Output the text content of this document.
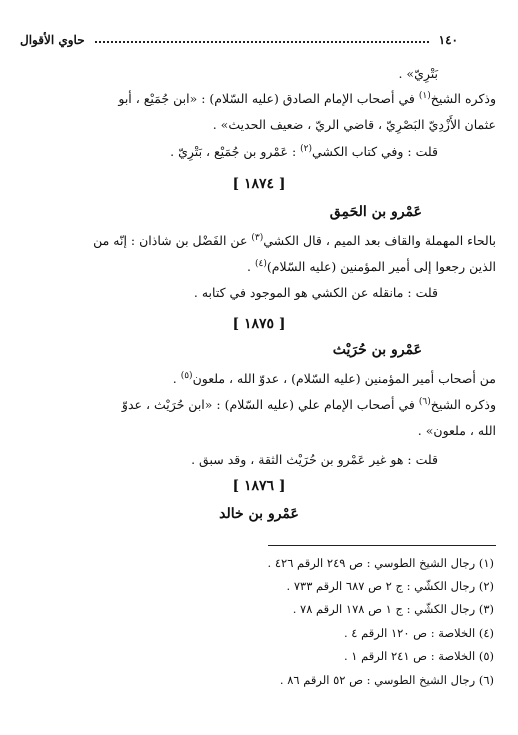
١٤٠
حاوي الأقوال
بَتْرِيّ» .
وذكره الشيخ$^{(١)}$ في أصحاب الإمام الصادق (عليه السّلام) : «ابن جُمَيْع ، أبو
عثمان الأَزْدِيّ البَصْرِيّ ، قاضي الريّ ، ضعيف الحديث» .
قلت : وفي كتاب الكشي$^{(٢)}$ : عَمْرو بن جُمَيْع ، بَتْرِيّ .
[ ١٨٧٤ ]
عَمْرو بن الحَمِق
بالحاء المهملة والقاف بعد الميم ، قال الكشي$^{(٣)}$ عن الفَضْل بن شاذان : إنّه من
الذين رجعوا إلى أمير المؤمنين (عليه السّلام)$^{(٤)}$ .
قلت : مانقله عن الكشي هو الموجود في كتابه .
[ ١٨٧٥ ]
عَمْرو بن حُرَيْث
من أصحاب أمير المؤمنين (عليه السّلام) ، عدوّ الله ، ملعون$^{(٥)}$ .
وذكره الشيخ$^{(٦)}$ في أصحاب الإمام علي (عليه السّلام) : «ابن حُرَيْث ، عدوّ
الله ، ملعون» .
قلت : هو غير عَمْرو بن حُرَيْث الثقة ، وقد سبق .
[ ١٨٧٦ ]
عَمْرو بن خالد
(١) رجال الشيخ الطوسي : ص ٢٤٩ الرقم ٤٢٦ .
(٢) رجال الكشّي : ج ٢ ص ٦٨٧ الرقم ٧٣٣ .
(٣) رجال الكشّي : ج ١ ص ١٧٨ الرقم ٧٨ .
(٤) الخلاصة : ص ١٢٠ الرقم ٤ .
(٥) الخلاصة : ص ٢٤١ الرقم ١ .
(٦) رجال الشيخ الطوسي : ص ٥٢ الرقم ٨٦ .
